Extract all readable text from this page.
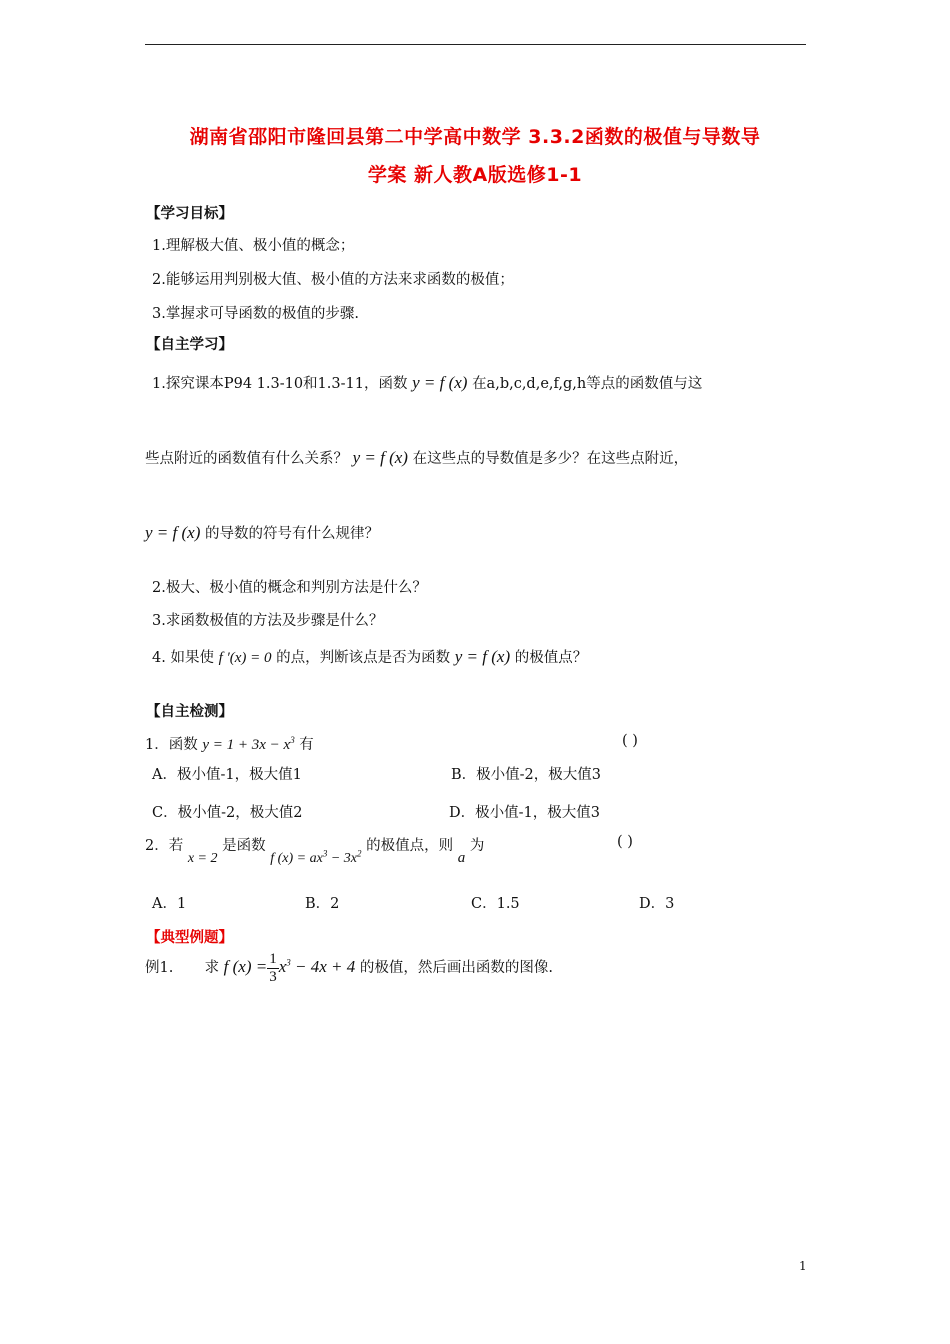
湖南省邵阳市隆回县第二中学高中数学 3.3.2函数的极值与导数导
学案 新人教A版选修1-1
【学习目标】
1.理解极大值、极小值的概念；
2.能够运用判别极大值、极小值的方法来求函数的极值；
3.掌握求可导函数的极值的步骤.
【自主学习】
1.探究课本P94 1.3-10和1.3-11，函数 y = f (x) 在a,b,c,d,e,f,g,h等点的函数值与这
些点附近的函数值有什么关系？ y = f (x) 在这些点的导数值是多少？在这些点附近，
y = f (x) 的导数的符号有什么规律？
2.极大、极小值的概念和判别方法是什么？
3.求函数极值的方法及步骤是什么？
4. 如果使 f ′(x) = 0 的点，判断该点是否为函数 y = f (x) 的极值点？
【自主检测】
1．函数 $y = 1 + 3x - x^3$ 有	( )
A．极小值-1，极大值1	B．极小值-2，极大值3
C．极小值-2，极大值2	D．极小值-1，极大值3
2．若 x = 2 是函数 f $(x) = ax^3 - 3x^2$ 的极值点，则 a 为	( )
A．1	B．2	C．1.5	D．3
【典型例题】
例1. 求 f $(x) = \frac{1}{3} x^3 - 4x + 4$ 的极值，然后画出函数的图像.
1
